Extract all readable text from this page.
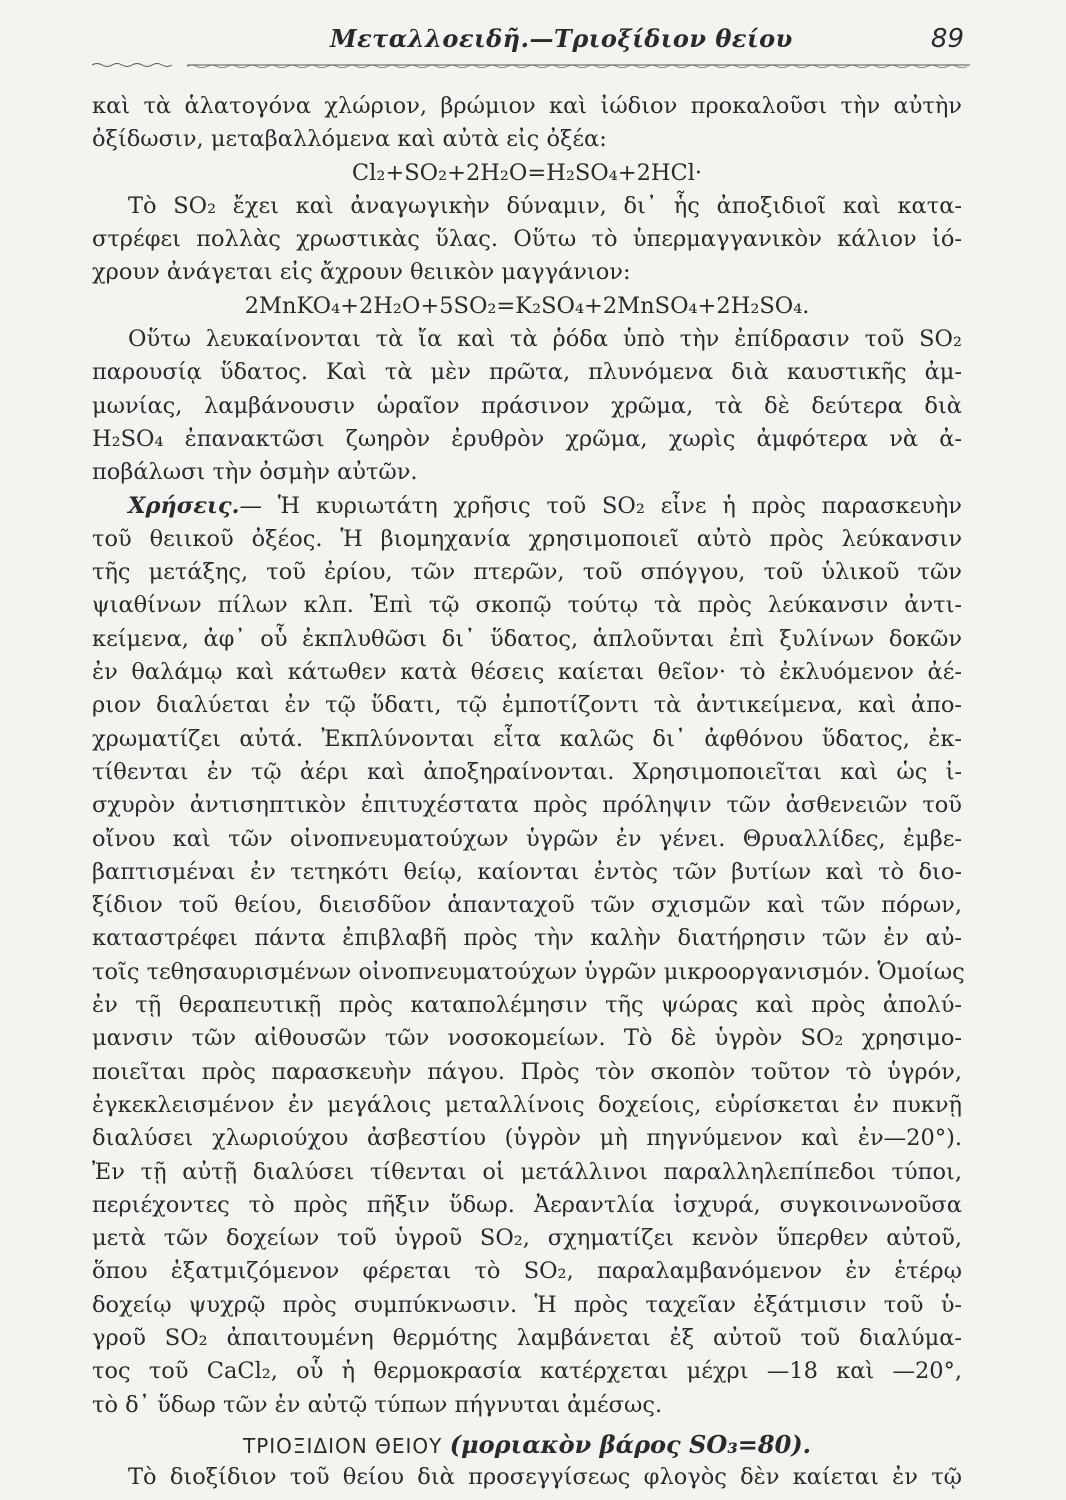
Μεταλλοειδῆ.—Τριοξίδιον θείου	89
καὶ τὰ ἁλατογόνα χλώριον, βρώμιον καὶ ἰώδιον προκαλοῦσι τὴν αὐτὴν
ὀξίδωσιν, μεταβαλλόμενα καὶ αὐτὰ εἰς ὀξέα:
Cl₂+SO₂+2H₂O=H₂SO₄+2HCl·
Τὸ SO₂ ἔχει καὶ ἀναγωγικὴν δύναμιν, δι᾽ ἧς ἀποξιδιοῖ καὶ κατα-
στρέφει πολλὰς χρωστικὰς ὕλας. Οὕτω τὸ ὑπερμαγγανικὸν κάλιον ἰό-
χρουν ἀνάγεται εἰς ἄχρουν θειικὸν μαγγάνιον:
2MnKO₄+2H₂O+5SO₂=K₂SO₄+2MnSO₄+2H₂SO₄.
Οὕτω λευκαίνονται τὰ ἴα καὶ τὰ ῥόδα ὑπὸ τὴν ἐπίδρασιν τοῦ SO₂
παρουσίᾳ ὕδατος. Καὶ τὰ μὲν πρῶτα, πλυνόμενα διὰ καυστικῆς ἀμ-
μωνίας, λαμβάνουσιν ὡραῖον πράσινον χρῶμα, τὰ δὲ δεύτερα διὰ
H₂SO₄ ἐπανακτῶσι ζωηρὸν ἐρυθρὸν χρῶμα, χωρὶς ἀμφότερα νὰ ἀ-
ποβάλωσι τὴν ὀσμὴν αὐτῶν.
Χρήσεις.— Ἡ κυριωτάτη χρῆσις τοῦ SO₂ εἶνε ἡ πρὸς παρασκευὴν
τοῦ θειικοῦ ὀξέος. Ἡ βιομηχανία χρησιμοποιεῖ αὐτὸ πρὸς λεύκανσιν
τῆς μετάξης, τοῦ ἐρίου, τῶν πτερῶν, τοῦ σπόγγου, τοῦ ὑλικοῦ τῶν
ψιαθίνων πίλων κλπ. Ἐπὶ τῷ σκοπῷ τούτῳ τὰ πρὸς λεύκανσιν ἀντι-
κείμενα, ἀφ᾽ οὗ ἐκπλυθῶσι δι᾽ ὕδατος, ἁπλοῦνται ἐπὶ ξυλίνων δοκῶν
ἐν θαλάμῳ καὶ κάτωθεν κατὰ θέσεις καίεται θεῖον· τὸ ἐκλυόμενον ἀέ-
ριον διαλύεται ἐν τῷ ὕδατι, τῷ ἐμποτίζοντι τὰ ἀντικείμενα, καὶ ἀπο-
χρωματίζει αὐτά. Ἐκπλύνονται εἶτα καλῶς δι᾽ ἀφθόνου ὕδατος, ἐκ-
τίθενται ἐν τῷ ἀέρι καὶ ἀποξηραίνονται. Χρησιμοποιεῖται καὶ ὡς ἰ-
σχυρὸν ἀντισηπτικὸν ἐπιτυχέστατα πρὸς πρόληψιν τῶν ἀσθενειῶν τοῦ
οἴνου καὶ τῶν οἰνοπνευματούχων ὑγρῶν ἐν γένει. Θρυαλλίδες, ἐμβε-
βαπτισμέναι ἐν τετηκότι θείῳ, καίονται ἐντὸς τῶν βυτίων καὶ τὸ διο-
ξίδιον τοῦ θείου, διεισδῦον ἁπανταχοῦ τῶν σχισμῶν καὶ τῶν πόρων,
καταστρέφει πάντα ἐπιβλαβῆ πρὸς τὴν καλὴν διατήρησιν τῶν ἐν αὐ-
τοῖς τεθησαυρισμένων οἰνοπνευματούχων ὑγρῶν μικροοργανισμόν. Ὁμοίως
ἐν τῇ θεραπευτικῇ πρὸς καταπολέμησιν τῆς ψώρας καὶ πρὸς ἀπολύ-
μανσιν τῶν αἰθουσῶν τῶν νοσοκομείων. Τὸ δὲ ὑγρὸν SO₂ χρησιμο-
ποιεῖται πρὸς παρασκευὴν πάγου. Πρὸς τὸν σκοπὸν τοῦτον τὸ ὑγρόν,
ἐγκεκλεισμένον ἐν μεγάλοις μεταλλίνοις δοχείοις, εὑρίσκεται ἐν πυκνῇ
διαλύσει χλωριούχου ἀσβεστίου (ὑγρὸν μὴ πηγνύμενον καὶ ἐν—20°).
Ἐν τῇ αὐτῇ διαλύσει τίθενται οἱ μετάλλινοι παραλληλεπίπεδοι τύποι,
περιέχοντες τὸ πρὸς πῆξιν ὕδωρ. Ἀεραντλία ἰσχυρά, συγκοινωνοῦσα
μετὰ τῶν δοχείων τοῦ ὑγροῦ SO₂, σχηματίζει κενὸν ὕπερθεν αὐτοῦ,
ὅπου ἐξατμιζόμενον φέρεται τὸ SO₂, παραλαμβανόμενον ἐν ἑτέρῳ
δοχείῳ ψυχρῷ πρὸς συμπύκνωσιν. Ἡ πρὸς ταχεῖαν ἐξάτμισιν τοῦ ὑ-
γροῦ SO₂ ἀπαιτουμένη θερμότης λαμβάνεται ἐξ αὐτοῦ τοῦ διαλύμα-
τος τοῦ CaCl₂, οὗ ἡ θερμοκρασία κατέρχεται μέχρι —18 καὶ —20°,
τὸ δ᾽ ὕδωρ τῶν ἐν αὐτῷ τύπων πήγνυται ἀμέσως.
ΤΡΙΟΞΙΔΙΟΝ ΘΕΙΟΥ (μοριακὸν βάρος SO₃=80).
Τὸ διοξίδιον τοῦ θείου διὰ προσεγγίσεως φλογὸς δὲν καίεται ἐν τῷ
